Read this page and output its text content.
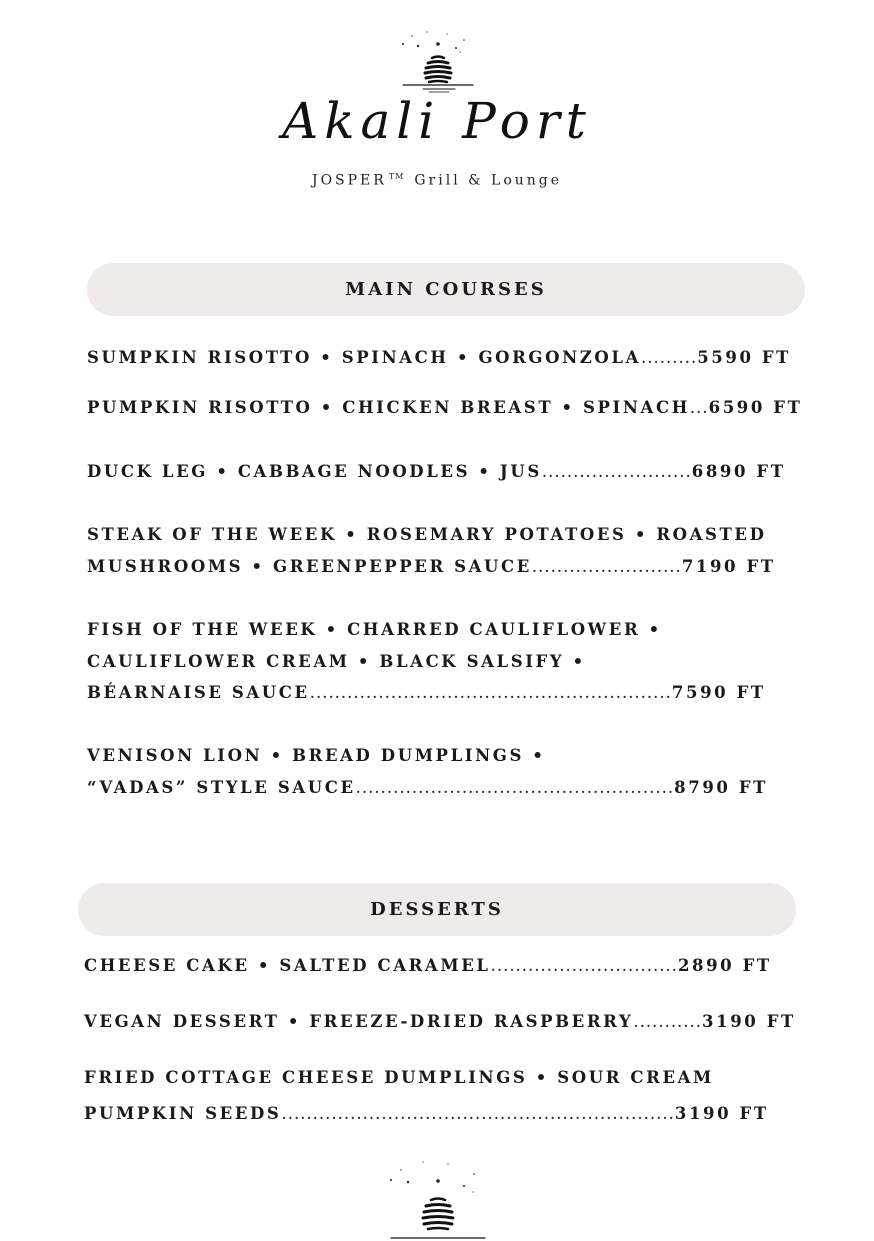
Akali Port
JOSPER ™ Grill & Lounge
MAIN COURSES
SUMPKIN RISOTTO • SPINACH • GORGONZOLA.........5590 FT
PUMPKIN RISOTTO • CHICKEN BREAST • SPINACH...6590 FT
DUCK LEG • CABBAGE NOODLES • JUS........................6890 FT
STEAK OF THE WEEK • ROSEMARY POTATOES • ROASTED
MUSHROOMS • GREENPEPPER SAUCE........................7190 FT
FISH OF THE WEEK • CHARRED CAULIFLOWER •
CAULIFLOWER CREAM • BLACK SALSIFY •
BÉARNAISE SAUCE..........................................................7590 FT
VENISON LION • BREAD DUMPLINGS •
“VADAS” STYLE SAUCE...................................................8790 FT
DESSERTS
CHEESE CAKE • SALTED CARAMEL..............................2890 FT
VEGAN DESSERT • FREEZE-DRIED RASPBERRY...........3190 FT
FRIED COTTAGE CHEESE DUMPLINGS • SOUR CREAM
PUMPKIN SEEDS...............................................................3190 FT
